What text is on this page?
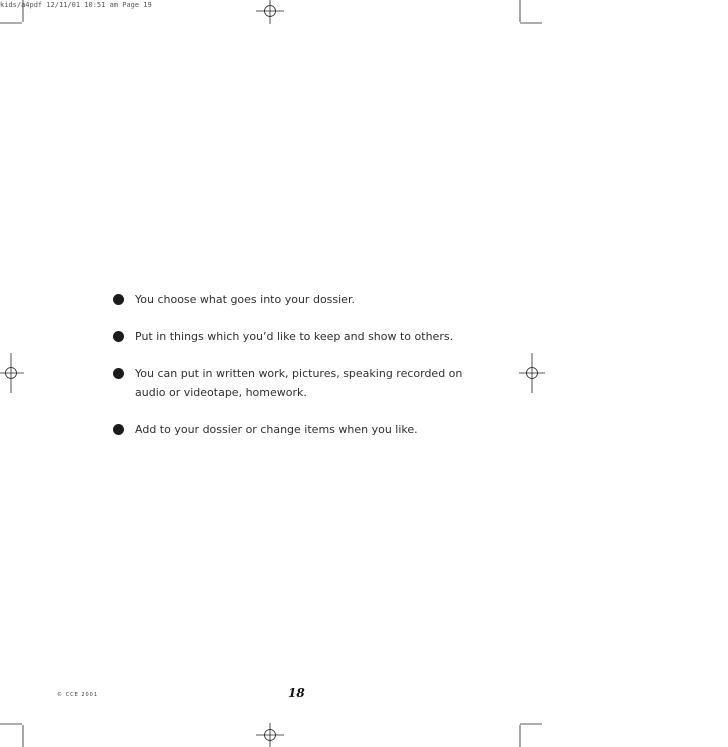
kids/a4pdf 12/11/01 10:51 am Page 19
You choose what goes into your dossier.
Put in things which you’d like to keep and show to others.
You can put in written work, pictures, speaking recorded on audio or videotape, homework.
Add to your dossier or change items when you like.
© CCE 2001	18
